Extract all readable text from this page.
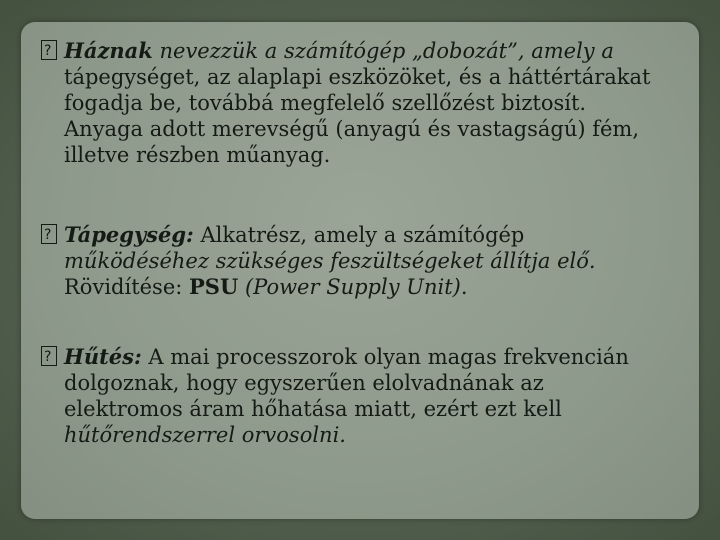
?Háznak nevezzük a számítógép „dobozát”, amely a
tápegységet, az alaplapi eszközöket, és a háttértárakat
fogadja be, továbbá megfelelő szellőzést biztosít.
Anyaga adott merevségű (anyagú és vastagságú) fém,
illetve részben műanyag.
?Tápegység: Alkatrész, amely a számítógép
működéséhez szükséges feszültségeket állítja elő.
Rövidítése: PSU (Power Supply Unit).
?Hűtés: A mai processzorok olyan magas frekvencián
dolgoznak, hogy egyszerűen elolvadnának az
elektromos áram hőhatása miatt, ezért ezt kell
hűtőrendszerrel orvosolni.
